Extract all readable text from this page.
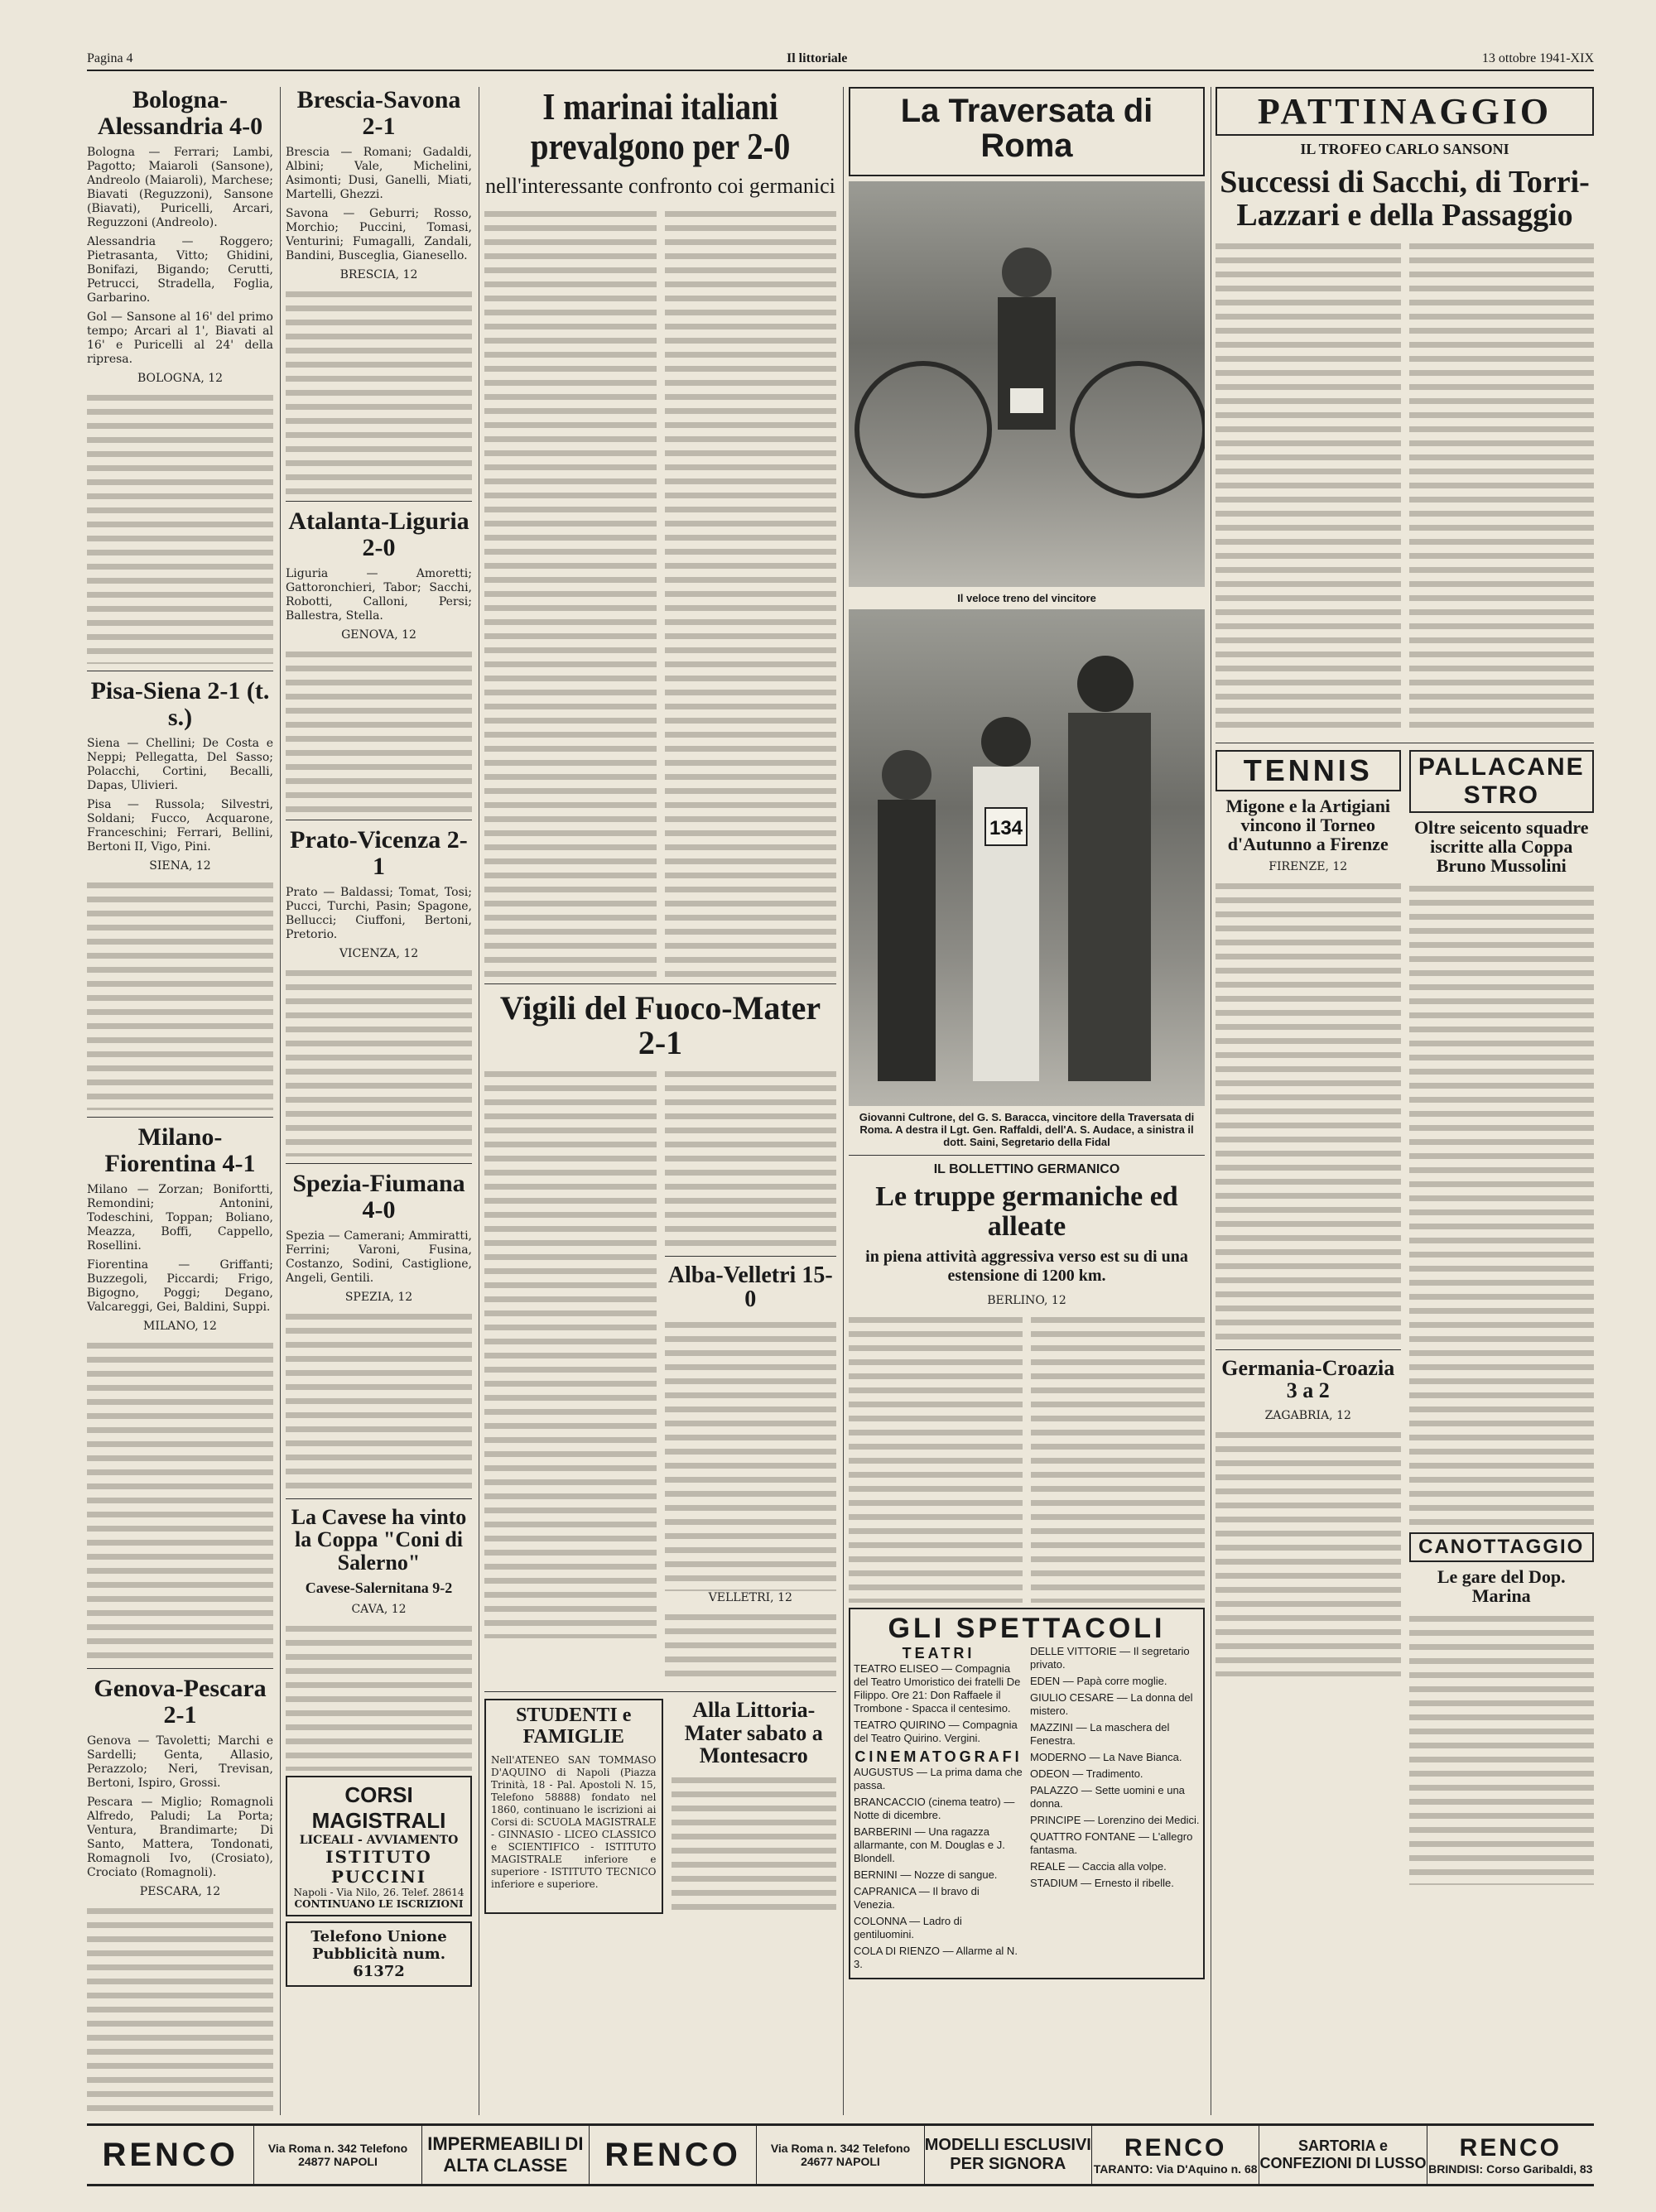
Pagina 4	Il littoriale	13 ottobre 1941-XIX
Bologna-Alessandria 4-0

Bologna — Ferrari; Lambi, Pagotto; Maiaroli (Sansone), Andreolo (Maiaroli), Marchese; Biavati (Reguzzoni), Sansone (Biavati), Puricelli, Arcari, Reguzzoni (Andreolo).

Alessandria — Roggero; Pietrasanta, Vitto; Ghidini, Bonifazi, Bigando; Cerutti, Petrucci, Stradella, Foglia, Garbarino.

Gol — Sansone al 16' del primo tempo; Arcari al 1', Biavati al 16' e Puricelli al 24' della ripresa.

BOLOGNA, 12

Pisa-Siena 2-1 (t. s.)

Siena — Chellini; De Costa e Neppi; Pellegatta, Del Sasso; Polacchi, Cortini, Becalli, Dapas, Ulivieri.

Pisa — Russola; Silvestri, Soldani; Fucco, Acquarone, Franceschini; Ferrari, Bellini, Bertoni II, Vigo, Pini.

SIENA, 12

Milano-Fiorentina 4-1

Milano — Zorzan; Bonifortti, Remondini; Antonini, Todeschini, Toppan; Boliano, Meazza, Boffi, Cappello, Rosellini.

Fiorentina — Griffanti; Buzzegoli, Piccardi; Frigo, Bigogno, Poggi; Degano, Valcareggi, Gei, Baldini, Suppi.

MILANO, 12

Genova-Pescara 2-1

Genova — Tavoletti; Marchi e Sardelli; Genta, Allasio, Perazzolo; Neri, Trevisan, Bertoni, Ispiro, Grossi.

Pescara — Miglio; Romagnoli Alfredo, Paludi; La Porta; Ventura, Brandimarte; Di Santo, Mattera, Tondonati, Romagnoli Ivo, (Crosiato), Crociato (Romagnoli).

PESCARA, 12

Brescia-Savona 2-1

Brescia — Romani; Gadaldi, Albini; Vale, Michelini, Asimonti; Dusi, Ganelli, Miati, Martelli, Ghezzi.

Savona — Geburri; Rosso, Morchio; Puccini, Tomasi, Venturini; Fumagalli, Zandali, Bandini, Busceglia, Gianesello.

BRESCIA, 12

Atalanta-Liguria 2-0

Liguria — Amoretti; Gattoronchieri, Tabor; Sacchi, Robotti, Calloni, Persi; Ballestra, Stella.

GENOVA, 12

Prato-Vicenza 2-1

Prato — Baldassi; Tomat, Tosi; Pucci, Turchi, Pasin; Spagone, Bellucci; Ciuffoni, Bertoni, Pretorio.

VICENZA, 12

Spezia-Fiumana 4-0

Spezia — Camerani; Ammiratti, Ferrini; Varoni, Fusina, Costanzo, Sodini, Castiglione, Angeli, Gentili.

SPEZIA, 12

La Cavese ha vinto la Coppa "Coni di Salerno"
Cavese-Salernitana 9-2

CAVA, 12

CORSI MAGISTRALI
LICEALI - AVVIAMENTO
ISTITUTO PUCCINI
Napoli - Via Nilo, 26. Telef. 28614
CONTINUANO LE ISCRIZIONI
Telefono Unione Pubblicità num. 61372
I marinai italiani prevalgono per 2-0
nell'interessante confronto coi germanici
Vigili del Fuoco-Mater 2-1
Alba-Velletri 15-0

VELLETRI, 12

STUDENTI e FAMIGLIE

Nell'ATENEO SAN TOMMASO D'AQUINO di Napoli (Piazza Trinità, 18 - Pal. Apostoli N. 15, Telefono 58888) fondato nel 1860, continuano le iscrizioni ai Corsi di: SCUOLA MAGISTRALE - GINNASIO - LICEO CLASSICO e SCIENTIFICO - ISTITUTO MAGISTRALE inferiore e superiore - ISTITUTO TECNICO inferiore e superiore.

Alla Littoria-Mater sabato a Montesacro
La Traversata di Roma
Il veloce treno del vincitore
134
Giovanni Cultrone, del G. S. Baracca, vincitore della Traversata di Roma. A destra il Lgt. Gen. Raffaldi, dell'A. S. Audace, a sinistra il dott. Saini, Segretario della Fidal
IL BOLLETTINO GERMANICO
Le truppe germaniche ed alleate
in piena attività aggressiva verso est su di una estensione di 1200 km.

BERLINO, 12

GLI SPETTACOLI
TEATRI

TEATRO ELISEO — Compagnia del Teatro Umoristico dei fratelli De Filippo. Ore 21: Don Raffaele il Trombone - Spacca il centesimo.

TEATRO QUIRINO — Compagnia del Teatro Quirino. Vergini.

CINEMATOGRAFI

AUGUSTUS — La prima dama che passa.

BRANCACCIO (cinema teatro) — Notte di dicembre.

BARBERINI — Una ragazza allarmante, con M. Douglas e J. Blondell.

BERNINI — Nozze di sangue.

CAPRANICA — Il bravo di Venezia.

COLONNA — Ladro di gentiluomini.

COLA DI RIENZO — Allarme al N. 3.

DELLE VITTORIE — Il segretario privato.

EDEN — Papà corre moglie.

GIULIO CESARE — La donna del mistero.

MAZZINI — La maschera del Fenestra.

MODERNO — La Nave Bianca.

ODEON — Tradimento.

PALAZZO — Sette uomini e una donna.

PRINCIPE — Lorenzino dei Medici.

QUATTRO FONTANE — L'allegro fantasma.

REALE — Caccia alla volpe.

STADIUM — Ernesto il ribelle.

PATTINAGGIO
IL TROFEO CARLO SANSONI
Successi di Sacchi, di Torri-Lazzari e della Passaggio
TENNIS
Migone e la Artigiani vincono il Torneo d'Autunno a Firenze

FIRENZE, 12

Germania-Croazia 3 a 2

ZAGABRIA, 12

PALLACANESTRO
Oltre seicento squadre iscritte alla Coppa Bruno Mussolini
CANOTTAGGIO
Le gare del Dop. Marina
RENCO	Via Roma n. 342 Telefono 24877 NAPOLI
IMPERMEABILI DI ALTA CLASSE	RENCO	Via Roma n. 342 Telefono 24677 NAPOLI
MODELLI ESCLUSIVI PER SIGNORA
RENCO
TARANTO: Via D'Aquino n. 68
SARTORIA e CONFEZIONI DI LUSSO
RENCO
BRINDISI: Corso Garibaldi, 83
